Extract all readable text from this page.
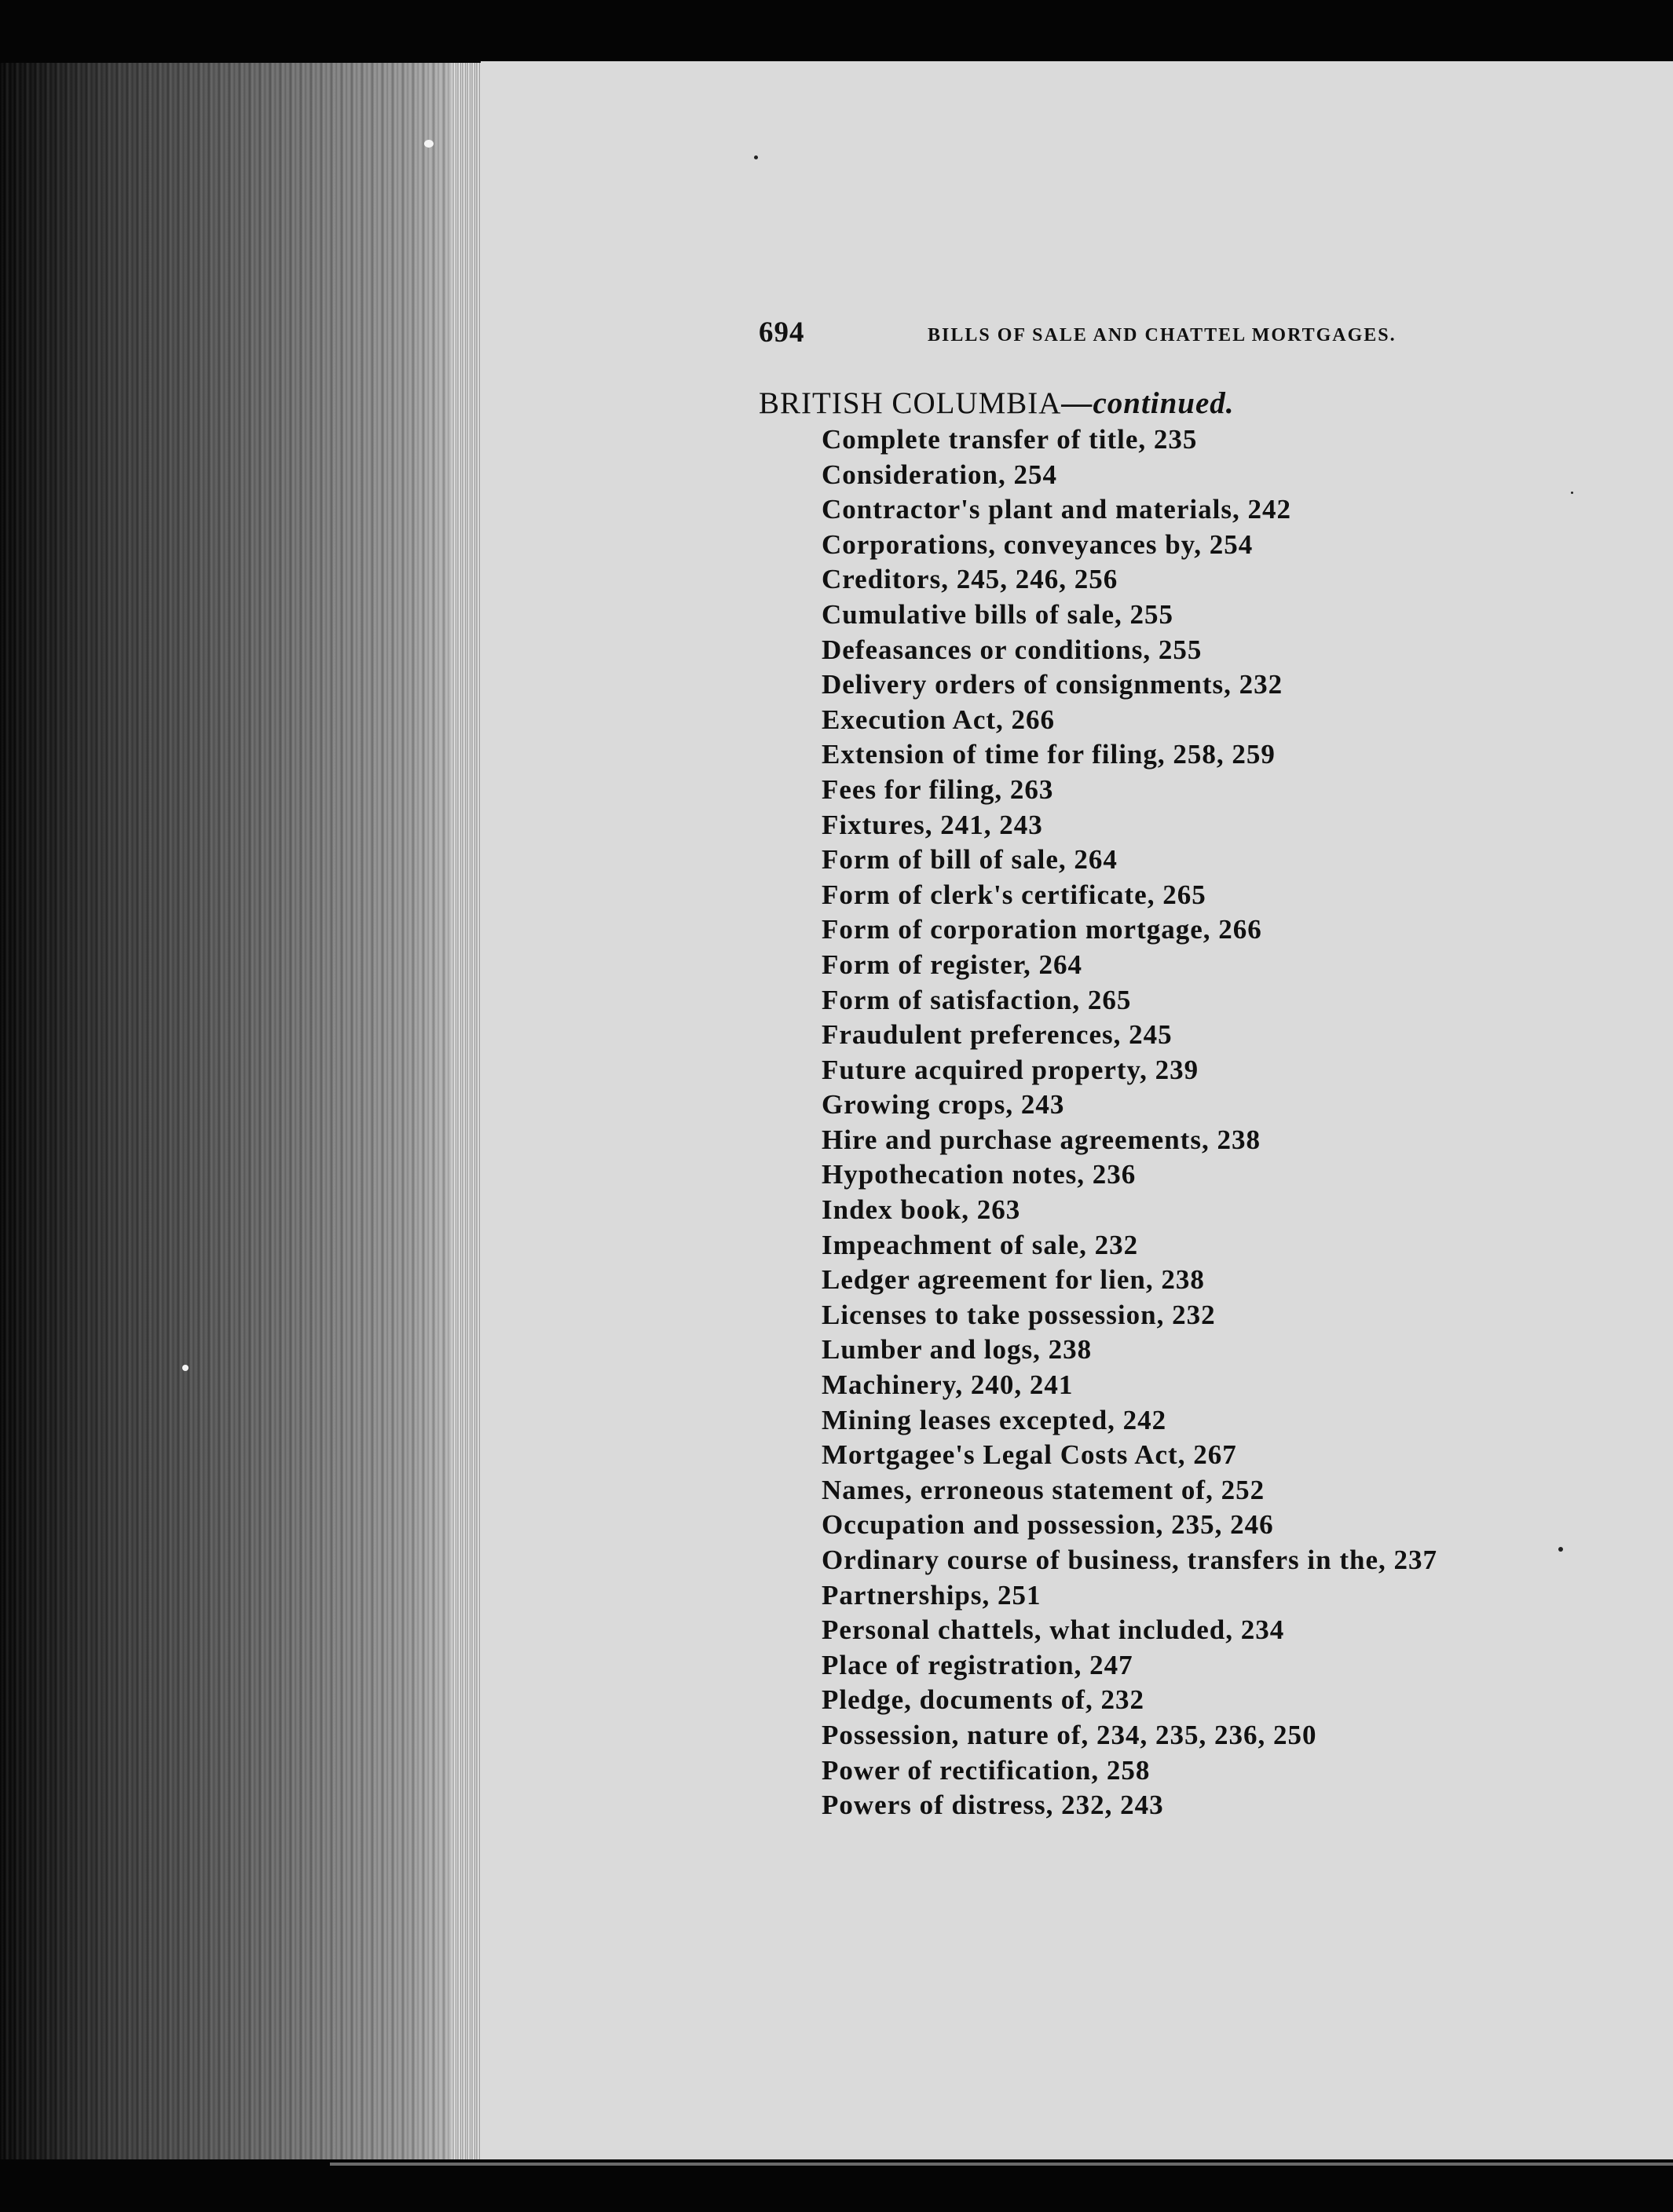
694	BILLS OF SALE AND CHATTEL MORTGAGES.
BRITISH COLUMBIA—continued.
Complete transfer of title, 235
Consideration, 254
Contractor's plant and materials, 242
Corporations, conveyances by, 254
Creditors, 245, 246, 256
Cumulative bills of sale, 255
Defeasances or conditions, 255
Delivery orders of consignments, 232
Execution Act, 266
Extension of time for filing, 258, 259
Fees for filing, 263
Fixtures, 241, 243
Form of bill of sale, 264
Form of clerk's certificate, 265
Form of corporation mortgage, 266
Form of register, 264
Form of satisfaction, 265
Fraudulent preferences, 245
Future acquired property, 239
Growing crops, 243
Hire and purchase agreements, 238
Hypothecation notes, 236
Index book, 263
Impeachment of sale, 232
Ledger agreement for lien, 238
Licenses to take possession, 232
Lumber and logs, 238
Machinery, 240, 241
Mining leases excepted, 242
Mortgagee's Legal Costs Act, 267
Names, erroneous statement of, 252
Occupation and possession, 235, 246
Ordinary course of business, transfers in the, 237
Partnerships, 251
Personal chattels, what included, 234
Place of registration, 247
Pledge, documents of, 232
Possession, nature of, 234, 235, 236, 250
Power of rectification, 258
Powers of distress, 232, 243
